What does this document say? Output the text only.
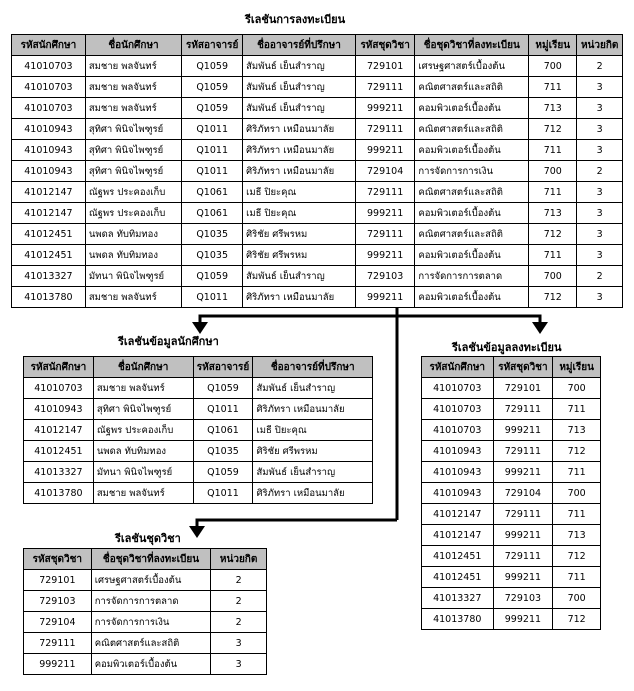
รีเลชันการลงทะเบียน
รหัสนักศึกษา	ชื่อนักศึกษา	รหัสอาจารย์	ชื่ออาจารย์ที่ปรึกษา	รหัสชุดวิชา	ชื่อชุดวิชาที่ลงทะเบียน	หมู่เรียน	หน่วยกิต
41010703	สมชาย พลจันทร์	Q1059	สัมพันธ์ เย็นสำราญ	729101	เศรษฐศาสตร์เบื้องต้น	700	2
41010703	สมชาย พลจันทร์	Q1059	สัมพันธ์ เย็นสำราญ	729111	คณิตศาสตร์และสถิติ	711	3
41010703	สมชาย พลจันทร์	Q1059	สัมพันธ์ เย็นสำราญ	999211	คอมพิวเตอร์เบื้องต้น	713	3
41010943	สุทิศา พินิจไพฑูรย์	Q1011	ศิริภัทรา เหมือนมาลัย	729111	คณิตศาสตร์และสถิติ	712	3
41010943	สุทิศา พินิจไพฑูรย์	Q1011	ศิริภัทรา เหมือนมาลัย	999211	คอมพิวเตอร์เบื้องต้น	711	3
41010943	สุทิศา พินิจไพฑูรย์	Q1011	ศิริภัทรา เหมือนมาลัย	729104	การจัดการการเงิน	700	2
41012147	ณัฐพร ประคองเก็บ	Q1061	เมธี ปิยะคุณ	729111	คณิตศาสตร์และสถิติ	711	3
41012147	ณัฐพร ประคองเก็บ	Q1061	เมธี ปิยะคุณ	999211	คอมพิวเตอร์เบื้องต้น	713	3
41012451	นพดล ทับทิมทอง	Q1035	ศิริชัย ศรีพรหม	729111	คณิตศาสตร์และสถิติ	712	3
41012451	นพดล ทับทิมทอง	Q1035	ศิริชัย ศรีพรหม	999211	คอมพิวเตอร์เบื้องต้น	711	3
41013327	มัทนา พินิจไพฑูรย์	Q1059	สัมพันธ์ เย็นสำราญ	729103	การจัดการการตลาด	700	2
41013780	สมชาย พลจันทร์	Q1011	ศิริภัทรา เหมือนมาลัย	999211	คอมพิวเตอร์เบื้องต้น	712	3
รีเลชันข้อมูลนักศึกษา
รหัสนักศึกษา	ชื่อนักศึกษา	รหัสอาจารย์	ชื่ออาจารย์ที่ปรึกษา
41010703	สมชาย พลจันทร์	Q1059	สัมพันธ์ เย็นสำราญ
41010943	สุทิศา พินิจไพฑูรย์	Q1011	ศิริภัทรา เหมือนมาลัย
41012147	ณัฐพร ประคองเก็บ	Q1061	เมธี ปิยะคุณ
41012451	นพดล ทับทิมทอง	Q1035	ศิริชัย ศรีพรหม
41013327	มัทนา พินิจไพฑูรย์	Q1059	สัมพันธ์ เย็นสำราญ
41013780	สมชาย พลจันทร์	Q1011	ศิริภัทรา เหมือนมาลัย
รีเลชันข้อมูลลงทะเบียน
รหัสนักศึกษา	รหัสชุดวิชา	หมู่เรียน
41010703	729101	700
41010703	729111	711
41010703	999211	713
41010943	729111	712
41010943	999211	711
41010943	729104	700
41012147	729111	711
41012147	999211	713
41012451	729111	712
41012451	999211	711
41013327	729103	700
41013780	999211	712
รีเลชันชุดวิชา
รหัสชุดวิชา	ชื่อชุดวิชาที่ลงทะเบียน	หน่วยกิต
729101	เศรษฐศาสตร์เบื้องต้น	2
729103	การจัดการการตลาด	2
729104	การจัดการการเงิน	2
729111	คณิตศาสตร์และสถิติ	3
999211	คอมพิวเตอร์เบื้องต้น	3
